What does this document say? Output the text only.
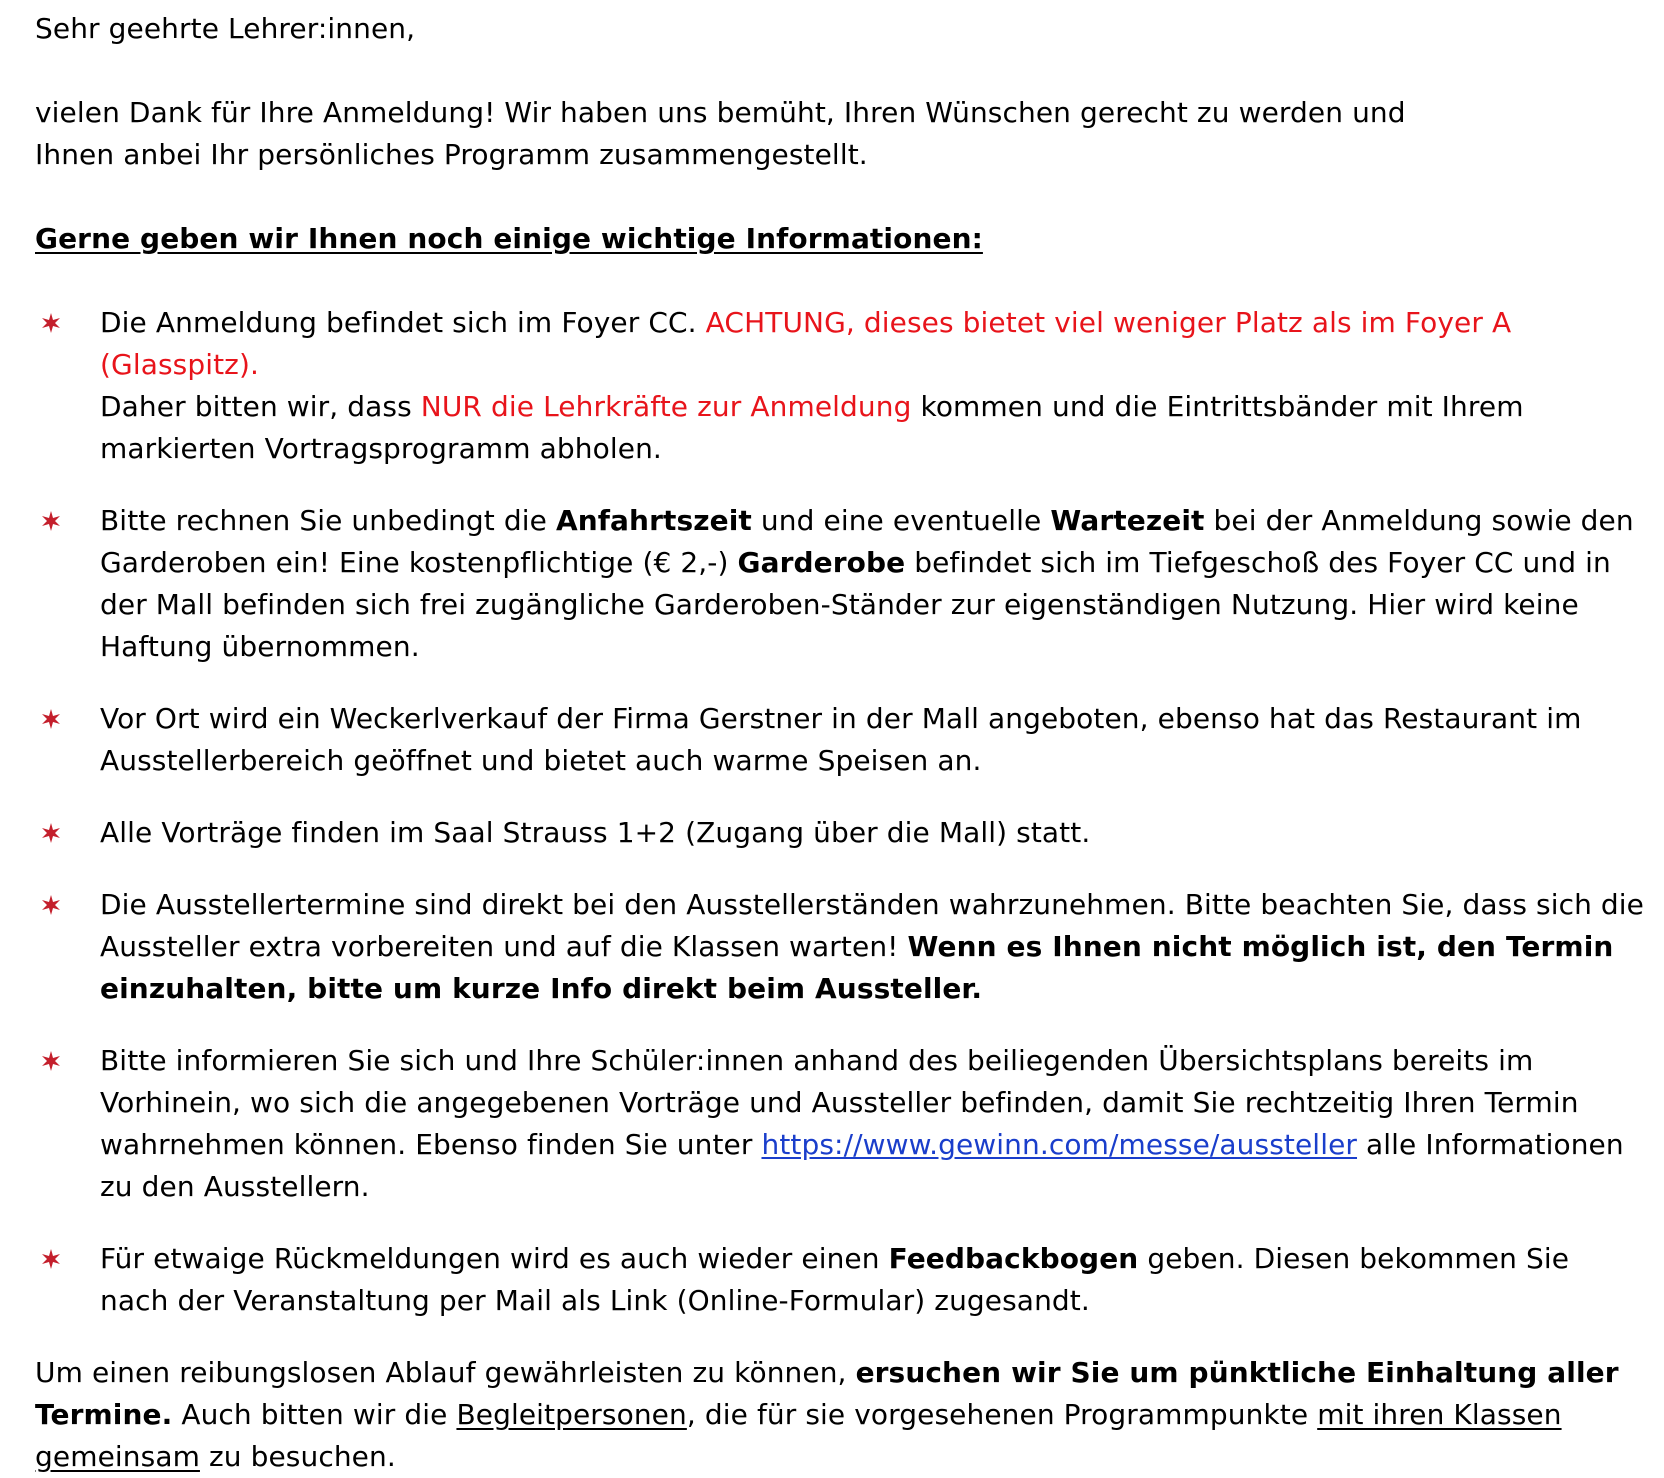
Sehr geehrte Lehrer:innen,

vielen Dank für Ihre Anmeldung! Wir haben uns bemüht, Ihren Wünschen gerecht zu werden und
Ihnen anbei Ihr persönliches Programm zusammengestellt.

Gerne geben wir Ihnen noch einige wichtige Informationen:

Die Anmeldung befindet sich im Foyer CC. ACHTUNG, dieses bietet viel weniger Platz als im Foyer A (Glasspitz).
Daher bitten wir, dass NUR die Lehrkräfte zur Anmeldung kommen und die Eintrittsbänder mit Ihrem markierten Vortragsprogramm abholen.
Bitte rechnen Sie unbedingt die Anfahrtszeit und eine eventuelle Wartezeit bei der Anmeldung sowie den Garderoben ein! Eine kostenpflichtige (€ 2,-) Garderobe befindet sich im Tiefgeschoß des Foyer CC und in der Mall befinden sich frei zugängliche Garderoben-Ständer zur eigenständigen Nutzung. Hier wird keine Haftung übernommen.
Vor Ort wird ein Weckerlverkauf der Firma Gerstner in der Mall angeboten, ebenso hat das Restaurant im Ausstellerbereich geöffnet und bietet auch warme Speisen an.
Alle Vorträge finden im Saal Strauss 1+2 (Zugang über die Mall) statt.
Die Ausstellertermine sind direkt bei den Ausstellerständen wahrzunehmen. Bitte beachten Sie, dass sich die Aussteller extra vorbereiten und auf die Klassen warten! Wenn es Ihnen nicht möglich ist, den Termin einzuhalten, bitte um kurze Info direkt beim Aussteller.
Bitte informieren Sie sich und Ihre Schüler:innen anhand des beiliegenden Übersichtsplans bereits im Vorhinein, wo sich die angegebenen Vorträge und Aussteller befinden, damit Sie rechtzeitig Ihren Termin wahrnehmen können. Ebenso finden Sie unter https://www.gewinn.com/messe/aussteller alle Informationen zu den Ausstellern.
Für etwaige Rückmeldungen wird es auch wieder einen Feedbackbogen geben. Diesen bekommen Sie nach der Veranstaltung per Mail als Link (Online-Formular) zugesandt.

Um einen reibungslosen Ablauf gewährleisten zu können, ersuchen wir Sie um pünktliche Einhaltung aller Termine. Auch bitten wir die Begleitpersonen, die für sie vorgesehenen Programmpunkte mit ihren Klassen gemeinsam zu besuchen.
